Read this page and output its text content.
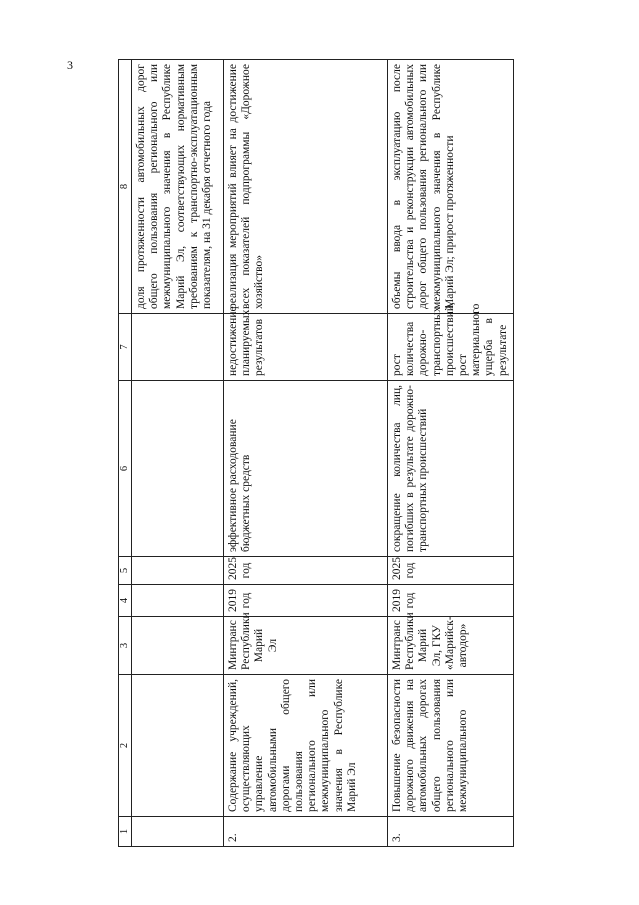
3
1	2	3	4	5	6	7	8
							доля протяженности автомобильных дорог общего пользования регионального или межмуниципального значения в Республике Марий Эл, соответствующих нормативным требованиям к транспортно-эксплуатационным показателям, на 31 декабря отчетного года
2.	Содержание учреждений, осуществляющих управление автомобильными дорогами общего пользования регионального или межмуниципального значения в Республике Марий Эл	Минтранс Республики Марий Эл	2019 год	2025 год	эффективное расходование бюджетных средств	недостижение планируемых результатов	реализация мероприятий влияет на достижение всех показателей подпрограммы «Дорожное хозяйство»
3.	Повышение безопасности дорожного движения на автомобильных дорогах общего пользования регионального или межмуниципального	Минтранс Республики Марий Эл, ГКУ «Марийск-автодор»	2019 год	2025 год	сокращение количества лиц, погибших в результате дорожно-транспортных происшествий	рост количества дорожно-транспортных происшествий, рост материального ущерба в результате	объемы ввода в эксплуатацию после строительства и реконструкции автомобильных дорог общего пользования регионального или межмуниципального значения в Республике Марий Эл; прирост протяженности
